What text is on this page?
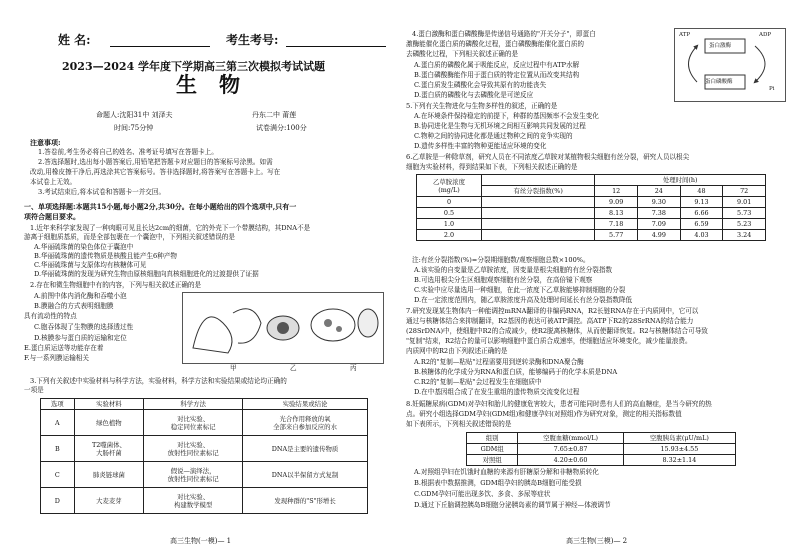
姓 名:	考生考号:
2023—2024 学年度下学期高三第三次模拟考试试题
生物
命题人:沈阳31中 刘泽夫	丹东二中 莆莲
时间:75分钟	试卷满分:100分
注意事项:
1.答卷前,考生务必将自己的姓名、准考证号填写在答题卡上。
2.答选择题时,选出每小题答案后,用铅笔把答题卡对应题目的答案标号涂黑。如需
改动,用橡皮擦干净后,再选涂其它答案标号。答非选择题时,将答案写在答题卡上。写在
本试卷上无效。
3.考试结束后,将本试卷和答题卡一并交回。
一、单项选择题:本题共15小题,每小题2分,共30分。在每小题给出的四个选项中,只有一
项符合题目要求。
1.近年来科学家发现了一种肉眼可见且长达2cm的细菌，它的外壳下一个带膜结构，其DNA不是
游离于细胞质基质，而是全部包裹在一个囊泡中，下列相关叙述错误的是
A.华丽硫珠菌的染色体位于囊泡中
B.华丽硫珠菌的遗传物质是核酸且能产生6种产物
C.华丽硫珠菌与支原体均有核糖体可见
D.华丽硫珠菌的发现为研究生物由原核细胞向真核细胞进化的过渡提供了证据
2.存在和微生物细胞中有的内容，下列与相关叙述正确的是
A.前图中体内消化酶和吞噬小泡
B.膜融合的方式表明细胞膜
具有流动性的特点
C.胞吞体现了生物膜的选择透过性
D.核膜参与蛋白质的运输和定位
E.蛋白质运送等功能存在着
F.与一系列膜运输相关
甲	乙	丙
3.下列有关叙述中实验材料与科学方法，实验材料，科学方法和实验结果或结论均正确的
一项是
选项	实验材料	科学方法	实验结果或结论
A	绿色植物	对比实验、
稳定同位素标记	光合作用释放的氧
全部来自参加反应的水
B	T2噬菌体、
大肠杆菌	对比实验、
放射性同位素标记	DNA是主要的遗传物质
C	肺炎链球菌	假说—演绎法，
放射性同位素标记	DNA以半保留方式复制
D	大麦麦芽	对比实验、
构建数学模型	发现种群的"S"形增长
高三生物(一模)— 1
4.蛋白激酶和蛋白磷酸酶是传递信号通路的"开关分子"，即蛋白
激酶能催化蛋白质的磷酸化过程，蛋白磷酸酶能催化蛋白质的
去磷酸化过程，下列相关叙述正确的是
A.蛋白质的磷酸化属于吸能反应，反应过程中有ATP水解
B.蛋白磷酸酶能作用于蛋白质的特定位置从而改变其结构
C.蛋白质发生磷酸化会导致其原有的功能丧失
D.蛋白质的磷酸化与去磷酸化是可逆反应
ATP	ADP
蛋白激酶
蛋白磷酸酶
Pi
5.下列有关生物进化与生物多样性的叙述，正确的是
A.在环境条件保持稳定的前提下，种群的基因频率不会发生变化
B.协同进化是生物与无机环境之间相互影响共同发展的过程
C.物种之间的协同进化都是通过物种之间的竞争实现的
D.遗传多样性丰富的物种更能适应环境的变化
6.乙草胺是一种除草剂，研究人员在不同浓度乙草胺对某植物根尖细胞有丝分裂，研究人员以根尖
细胞为实验材料，得到结果如下表，下列相关叙述正确的是
乙草胺浓度
(mg/L)		处理时间(h)			
	有丝分裂指数(%)	12	24	48	72
0		9.09	9.30	9.13	9.01
0.5		8.13	7.38	6.66	5.73
1.0		7.18	7.09	6.59	5.23
2.0		5.77	4.99	4.03	3.24
注:有丝分裂指数(%)=分裂期细胞数/观察细胞总数×100%。
A.该实验的自变量是乙草胺浓度，因变量是根尖细胞的有丝分裂指数
B.可选用根尖分生区细胞观察细胞有丝分裂，在高倍镜下观察
C.实验中应尽量选用一种细胞，在此一浓度下乙草胺能够抑制细胞的分裂
D.在一定浓度范围内，随乙草胺浓度升高及处理时间延长有丝分裂指数降低
7.研究发现某生物体内一种能调控mRNA翻译的非编码RNA，R2长链RNA存在于内质网中，它可以
通过与核糖体结合来抑制翻译，R2基因的表达可被ATP调控。高ATP下R2的28SrRNA的结合能力
(28SrDNA)中，使细胞中R2的合成减少，使R2脱离核糖体，从而使翻译恢复。R2与核糖体结合可导致
"复制"结束，R2结合的量可以影响细胞中蛋白质合成速率，使细胞适应环境变化，减少能量浪费。
内质网中的R2由下列叙述正确的是
A.R2的"复制—粘贴"过程需要用到逆转录酶和DNA聚合酶
B.核糖体的化学成分为RNA和蛋白质，能够编码于的化学本质是DNA
C.R2的"复制—粘贴"会过程发生在细胞质中
D.在中基因组合成了在发生重组的遗传物质交流变化过程
8.妊娠糖尿病(GDM)对孕妇和胎儿的健康危害较大，患者可能同时患有人们的高血糖症，是当今研究的热
点。研究小组选择GDM孕妇(GDM组)和健康孕妇(对照组)作为研究对象，测定的相关指标数值
如下表所示，下列相关叙述错误的是
组别	空腹血糖(mmol/L)	空腹胰岛素(μU/mL)
GDM组	7.65±0.87	15.93±4.55
对照组	4.20±0.60	8.32±1.14
A.对照组孕妇在饥饿时血糖的来源有肝糖原分解和非糖物质转化
B.根据表中数据推测，GDM组孕妇的胰岛B细胞可能受损
C.GDM孕妇可能出现多饮、多食、多尿等症状
D.通过下丘脑调控胰岛B细胞分泌胰岛素的调节属于神经—体液调节
高三生物(三模)— 2
